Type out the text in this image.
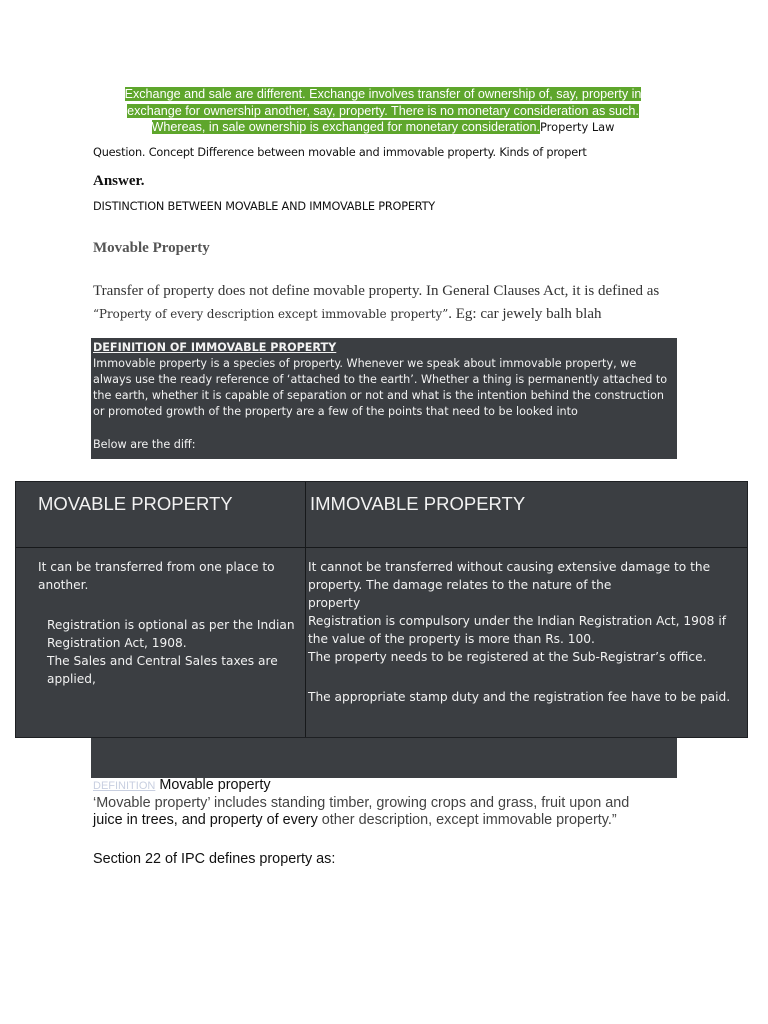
Exchange and sale are different. Exchange involves transfer of ownership of, say, property in
exchange for ownership another, say, property. There is no monetary consideration as such.
Whereas, in sale ownership is exchanged for monetary consideration.Property Law
Question. Concept Difference between movable and immovable property. Kinds of propert
Answer.
DISTINCTION BETWEEN MOVABLE AND IMMOVABLE PROPERTY
Movable Property
Transfer of property does not define movable property. In General Clauses Act, it is defined as “Property of every description except immovable property”. Eg: car jewely balh blah
DEFINITION OF IMMOVABLE PROPERTY
Immovable property is a species of property. Whenever we speak about immovable property, we always use the ready reference of ‘attached to the earth’. Whether a thing is permanently attached to the earth, whether it is capable of separation or not and what is the intention behind the construction or promoted growth of the property are a few of the points that need to be looked into
Below are the diff:
MOVABLE PROPERTY	IMMOVABLE PROPERTY
It can be transferred from one place to another.
Registration is optional as per the Indian Registration Act, 1908.
The Sales and Central Sales taxes are applied,
It cannot be transferred without causing extensive damage to the property. The damage relates to the nature of the
property
Registration is compulsory under the Indian Registration Act, 1908 if the value of the property is more than Rs. 100.
The property needs to be registered at the Sub-Registrar’s office.
The appropriate stamp duty and the registration fee have to be paid.
DEFINITION Movable property
‘Movable property’ includes standing timber, growing crops and grass, fruit upon and
juice in trees, and property of every other description, except immovable property.”
Section 22 of IPC defines property as:
